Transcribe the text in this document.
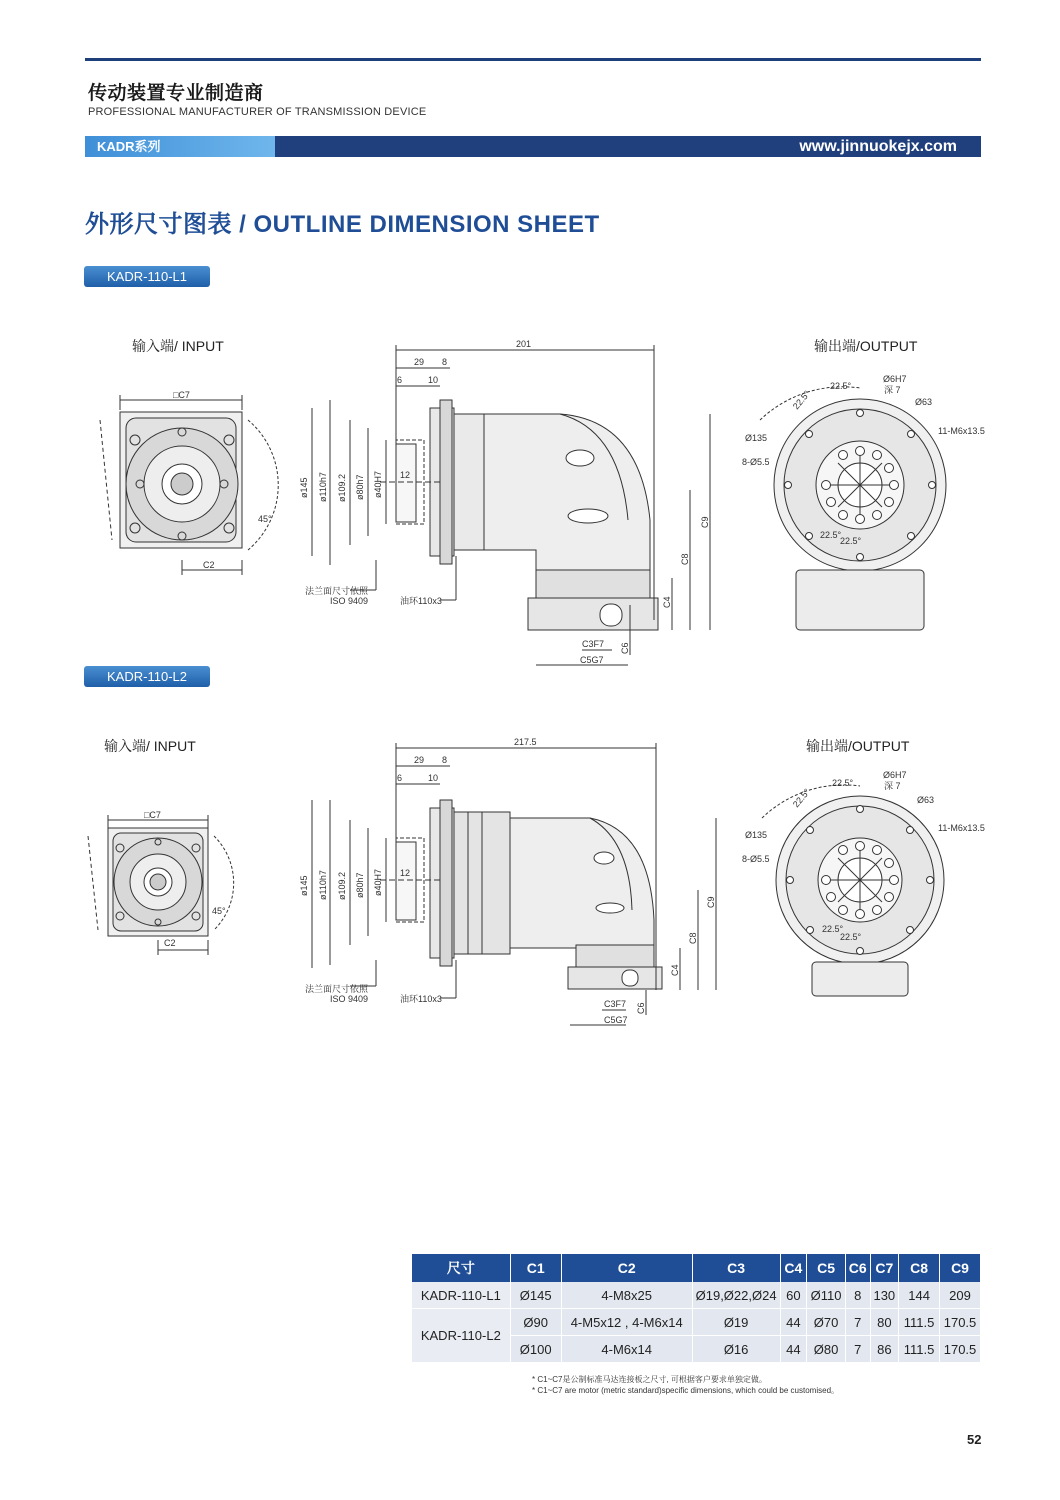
传动装置专业制造商
PROFESSIONAL MANUFACTURER OF TRANSMISSION DEVICE
KADR系列	www.jinnuokejx.com
外形尺寸图表 / OUTLINE DIMENSION SHEET
KADR-110-L1
输入端/ INPUT	输出端/OUTPUT
KADR-110-L2
输入端/ INPUT	输出端/OUTPUT
□C7
C2
45°
201
29 8
6	10
12
ø145 ø110h7 ø109.2 ø80h7 ø40H7
C9
C8
C4
C6
C3F7
C5G7
法兰面尺寸依照
ISO 9409	油环110x3
Ø6H7
深 7
Ø63
Ø135
8-Ø5.5
11-M6x13.5
22.5°
22.5°
22.5°
22.5°
□C7
C2
45°
217.5
29 8
6	10
12
ø145 ø110h7 ø109.2 ø80h7 ø40H7
C9
C8
C4
C6
C3F7
C5G7
法兰面尺寸依照
ISO 9409	油环110x3
Ø6H7
深 7
Ø63
Ø135
8-Ø5.5
11-M6x13.5
22.5°
22.5°
22.5°
22.5°
尺寸	C1	C2	C3	C4	C5	C6	C7	C8	C9
KADR-110-L1	Ø145	4-M8x25	Ø19,Ø22,Ø24	60	Ø110	8	130	144	209
KADR-110-L2	Ø90	4-M5x12 , 4-M6x14	Ø19	44	Ø70	7	80	111.5	170.5
	Ø100	4-M6x14	Ø16	44	Ø80	7	86	111.5	170.5
* C1~C7是公制标准马达连接板之尺寸, 可根据客户要求单独定做。
* C1~C7 are motor (metric standard)specific dimensions, which could be customised。
52
